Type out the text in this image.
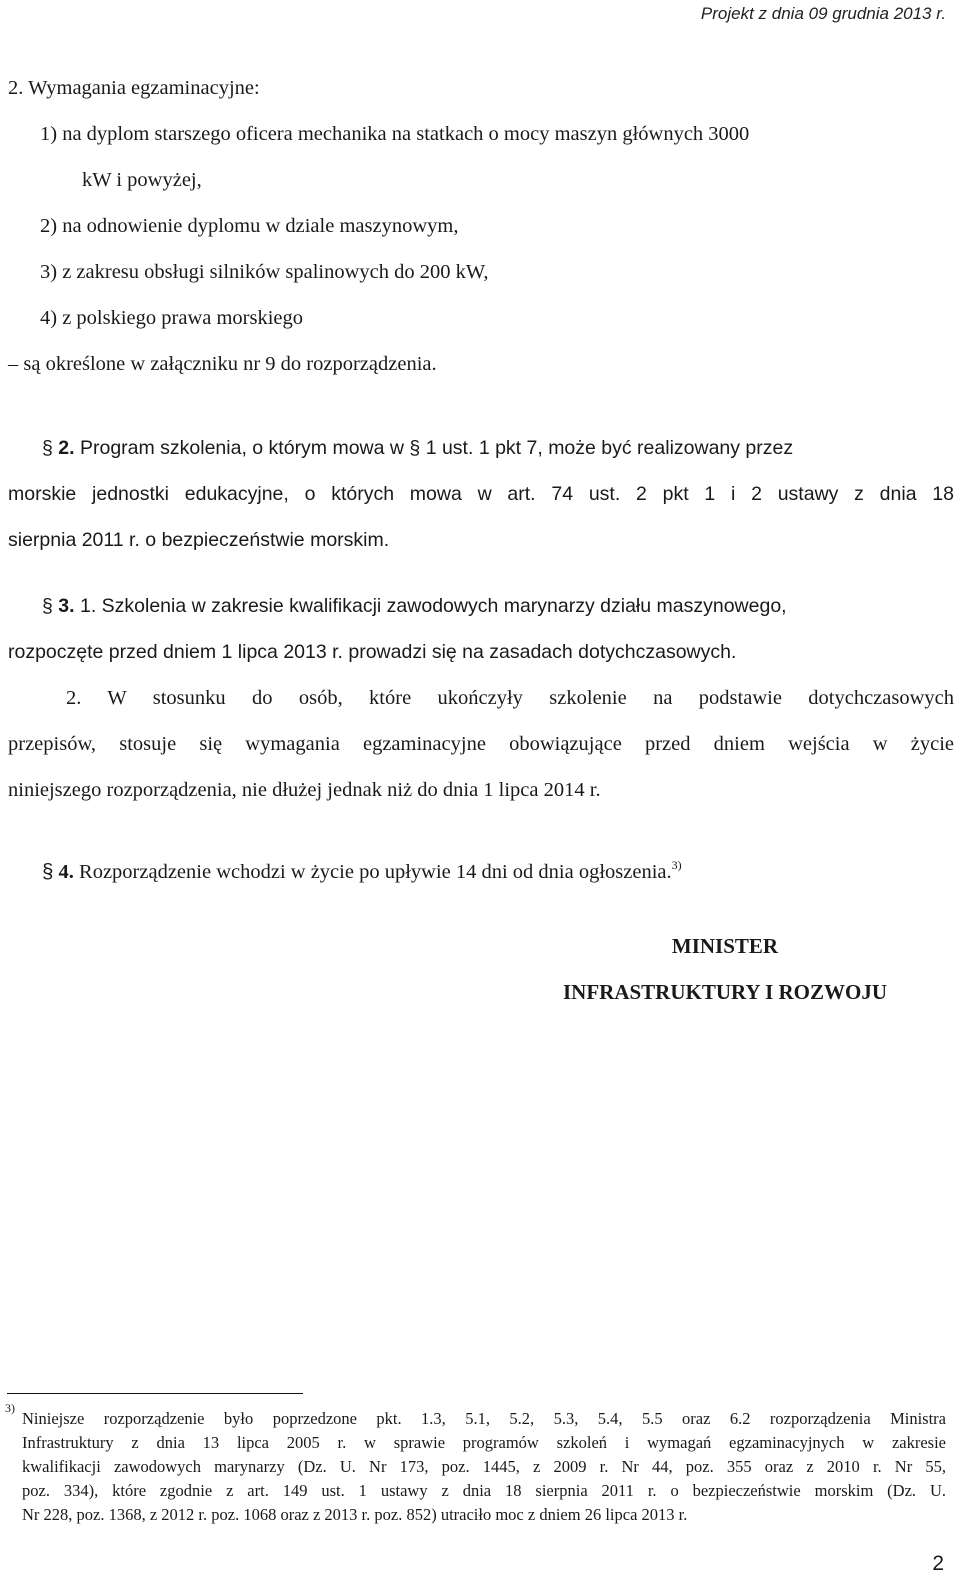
Projekt z dnia 09 grudnia 2013 r.
2. Wymagania egzaminacyjne:
1) na dyplom starszego oficera mechanika na statkach o mocy maszyn głównych 3000
kW i powyżej,
2) na odnowienie dyplomu w dziale maszynowym,
3) z zakresu obsługi silników spalinowych do 200 kW,
4) z polskiego prawa morskiego
– są określone w załączniku nr 9 do rozporządzenia.
§ 2. Program szkolenia, o którym mowa w § 1 ust. 1 pkt 7, może być realizowany przez
morskie jednostki edukacyjne, o których mowa w art. 74 ust. 2 pkt 1 i 2 ustawy z dnia 18
sierpnia 2011 r. o bezpieczeństwie morskim.
§ 3. 1. Szkolenia w zakresie kwalifikacji zawodowych marynarzy działu maszynowego,
rozpoczęte przed dniem 1 lipca 2013 r. prowadzi się na zasadach dotychczasowych.
2. W stosunku do osób, które ukończyły szkolenie na podstawie dotychczasowych
przepisów, stosuje się wymagania egzaminacyjne obowiązujące przed dniem wejścia w życie
niniejszego rozporządzenia, nie dłużej jednak niż do dnia 1 lipca 2014 r.
§ 4. Rozporządzenie wchodzi w życie po upływie 14 dni od dnia ogłoszenia.$^{3)}$
MINISTER
INFRASTRUKTURY I ROZWOJU
$^{3)}$
Niniejsze rozporządzenie było poprzedzone pkt. 1.3, 5.1, 5.2, 5.3, 5.4, 5.5 oraz 6.2 rozporządzenia Ministra
Infrastruktury z dnia 13 lipca 2005 r. w sprawie programów szkoleń i wymagań egzaminacyjnych w zakresie
kwalifikacji zawodowych marynarzy (Dz. U. Nr 173, poz. 1445, z 2009 r. Nr 44, poz. 355 oraz z 2010 r. Nr 55,
poz. 334), które zgodnie z art. 149 ust. 1 ustawy z dnia 18 sierpnia 2011 r. o bezpieczeństwie morskim (Dz. U.
Nr 228, poz. 1368, z 2012 r. poz. 1068 oraz z 2013 r. poz. 852) utraciło moc z dniem 26 lipca 2013 r.
2
